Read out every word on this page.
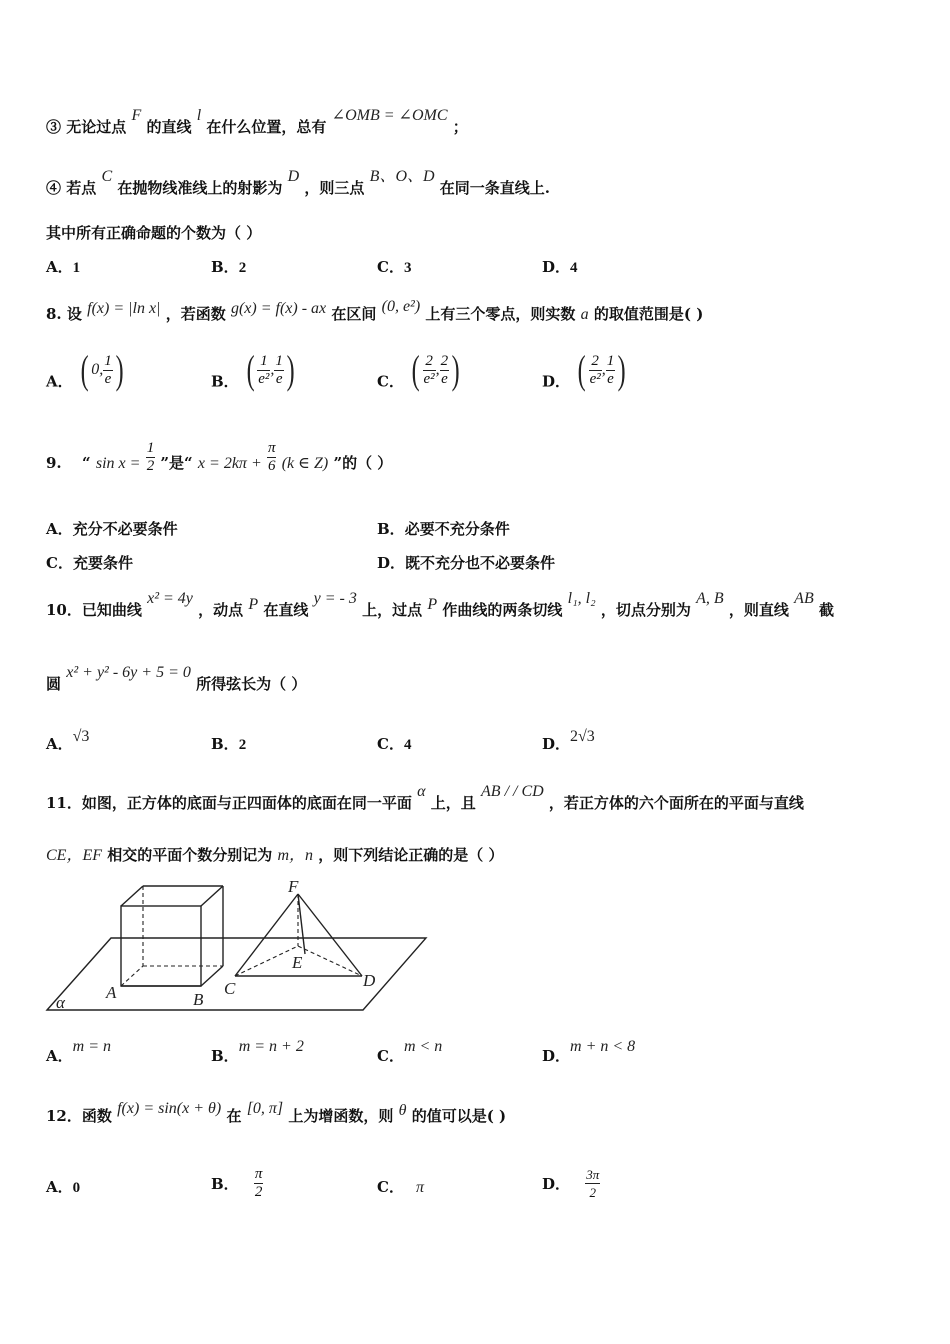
③ 无论过点 F 的直线 l 在什么位置，总有 ∠OMB = ∠OMC ；
④ 若点 C 在抛物线准线上的射影为 D ，则三点 B、O、D 在同一条直线上.
其中所有正确命题的个数为（ ）
A．1	B．2	C．3	D．4
8. 设 f(x) = |ln x| ，若函数 g(x) = f(x) - ax 在区间 (0, e²) 上有三个零点，则实数 a 的取值范围是( )
A． ( 0, $\frac{1}{e}$ )	B． ( $\frac{1}{\text{e²}}$ , $\frac{1}{e}$ )	C． ( $\frac{2}{\text{e²}}$ , $\frac{2}{e}$ )	D． ( $\frac{2}{\text{e²}}$ , $\frac{1}{e}$ )
9. “ $\sin x = \frac{1}{2}$ ”是“ $x = 2k\pi + \frac{\pi}{6} (k$ ∈ Z) ”的（ ）
A．充分不必要条件	B．必要不充分条件
C．充要条件	D．既不充分也不必要条件
10．已知曲线 x² = 4y ，动点 P 在直线 y = - 3 上，过点 P 作曲线的两条切线 l₁, l₂ ，切点分别为 A, B ，则直线 AB 截
圆 x² + y² - 6y + 5 = 0 所得弦长为（ ）
A．√3	B．2	C．4	D．2√3
11．如图，正方体的底面与正四面体的底面在同一平面 α 上，且 AB / / CD ，若正方体的六个面所在的平面与直线
CE，EF 相交的平面个数分别记为 m，n ，则下列结论正确的是（ ）
A	B
C	D
E
F
α
A．m = n
B．m = n + 2
C．m < n
D．m + n < 8
12．函数 f(x) = sin(x + θ) 在 [0, π] 上为增函数，则 θ 的值可以是( )
A．0	B． $\frac{\pi}{2}$	C． π	D． $\frac{3\pi}{2}$
